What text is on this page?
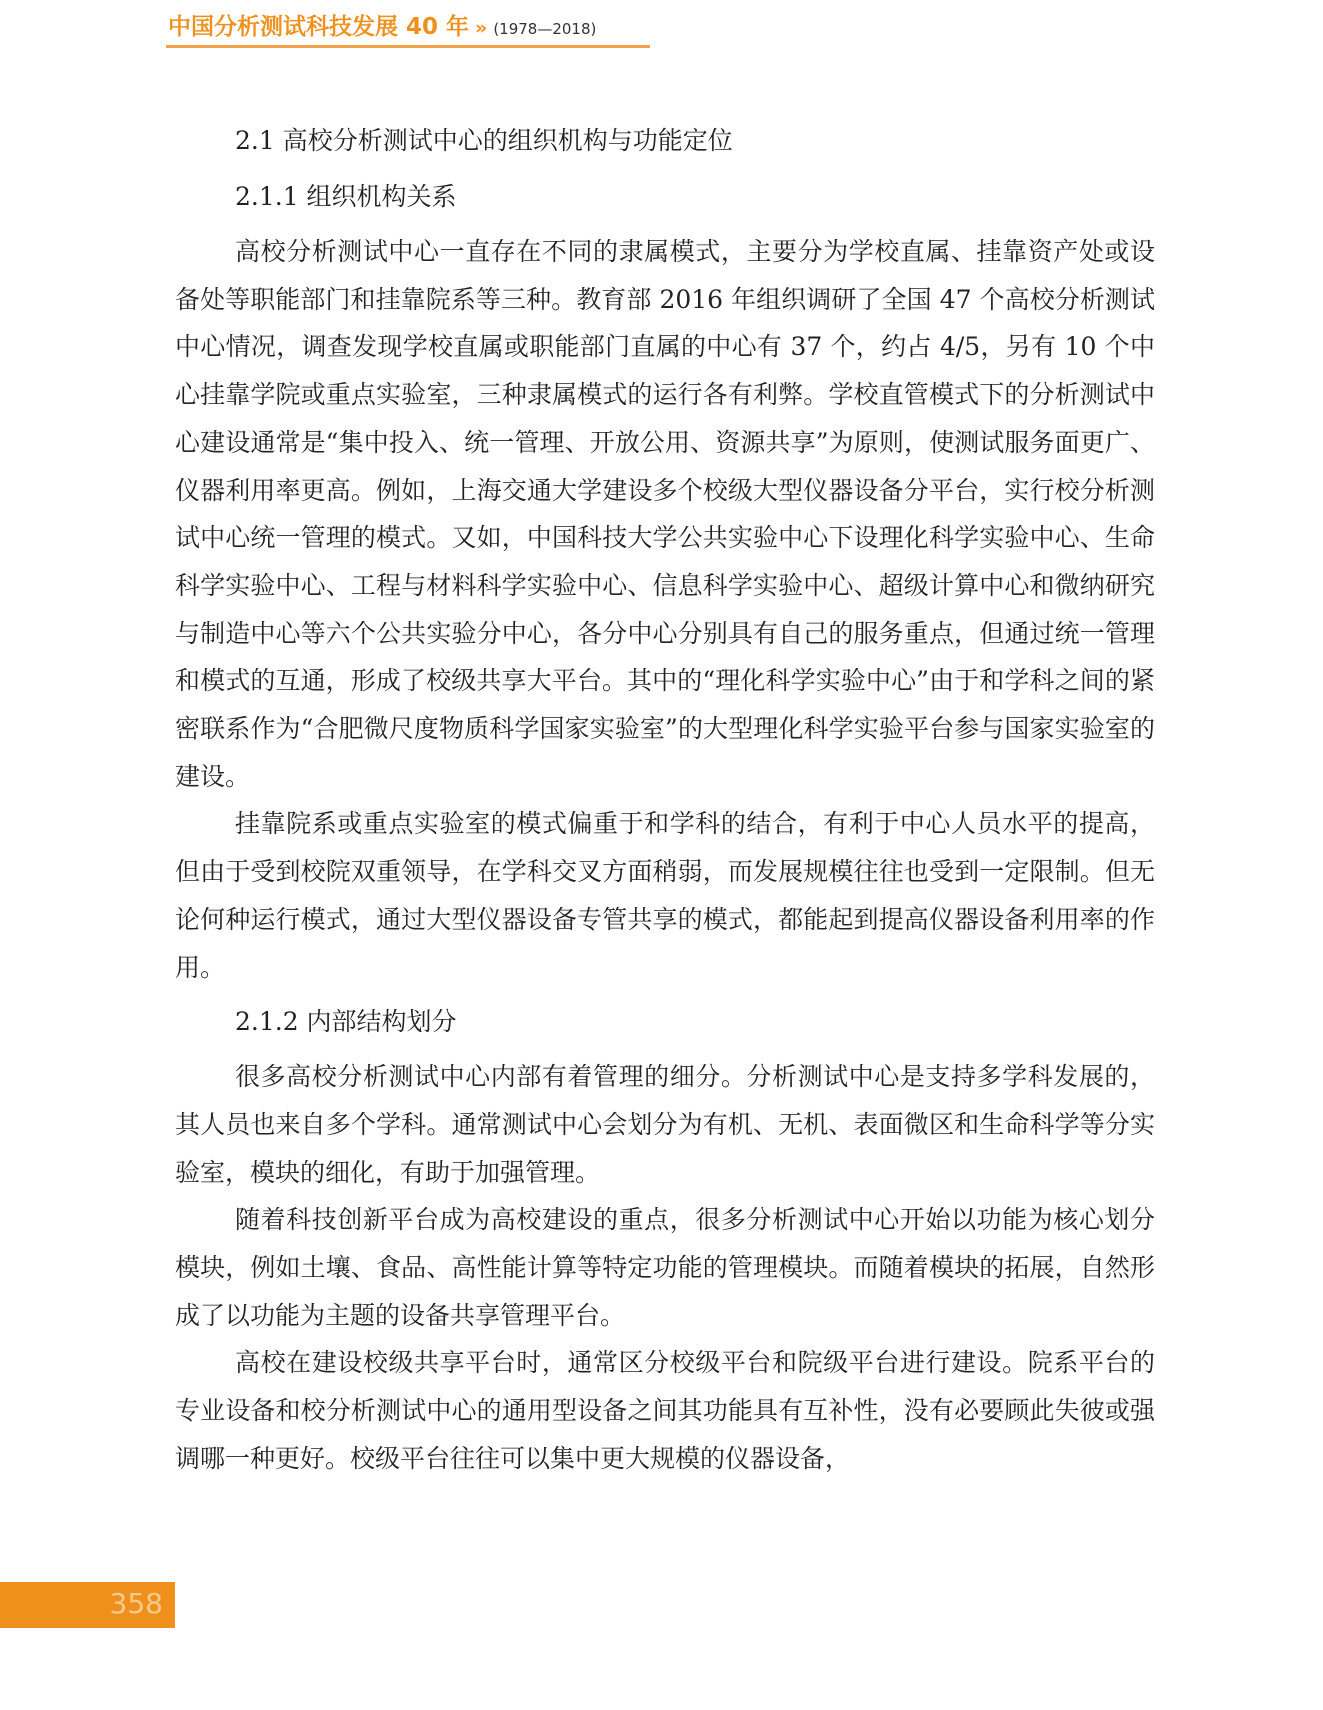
中国分析测试科技发展 40 年 » (1978—2018)
2.1 高校分析测试中心的组织机构与功能定位
2.1.1 组织机构关系

高校分析测试中心一直存在不同的隶属模式，主要分为学校直属、挂靠资产处或设备处等职能部门和挂靠院系等三种。教育部 2016 年组织调研了全国 47 个高校分析测试中心情况，调查发现学校直属或职能部门直属的中心有 37 个，约占 4/5，另有 10 个中心挂靠学院或重点实验室，三种隶属模式的运行各有利弊。学校直管模式下的分析测试中心建设通常是“集中投入、统一管理、开放公用、资源共享”为原则，使测试服务面更广、仪器利用率更高。例如，上海交通大学建设多个校级大型仪器设备分平台，实行校分析测试中心统一管理的模式。又如，中国科技大学公共实验中心下设理化科学实验中心、生命科学实验中心、工程与材料科学实验中心、信息科学实验中心、超级计算中心和微纳研究与制造中心等六个公共实验分中心，各分中心分别具有自己的服务重点，但通过统一管理和模式的互通，形成了校级共享大平台。其中的“理化科学实验中心”由于和学科之间的紧密联系作为“合肥微尺度物质科学国家实验室”的大型理化科学实验平台参与国家实验室的建设。

挂靠院系或重点实验室的模式偏重于和学科的结合，有利于中心人员水平的提高，但由于受到校院双重领导，在学科交叉方面稍弱，而发展规模往往也受到一定限制。但无论何种运行模式，通过大型仪器设备专管共享的模式，都能起到提高仪器设备利用率的作用。

2.1.2 内部结构划分

很多高校分析测试中心内部有着管理的细分。分析测试中心是支持多学科发展的，其人员也来自多个学科。通常测试中心会划分为有机、无机、表面微区和生命科学等分实验室，模块的细化，有助于加强管理。

随着科技创新平台成为高校建设的重点，很多分析测试中心开始以功能为核心划分模块，例如土壤、食品、高性能计算等特定功能的管理模块。而随着模块的拓展，自然形成了以功能为主题的设备共享管理平台。

高校在建设校级共享平台时，通常区分校级平台和院级平台进行建设。院系平台的专业设备和校分析测试中心的通用型设备之间其功能具有互补性，没有必要顾此失彼或强调哪一种更好。校级平台往往可以集中更大规模的仪器设备，

358
